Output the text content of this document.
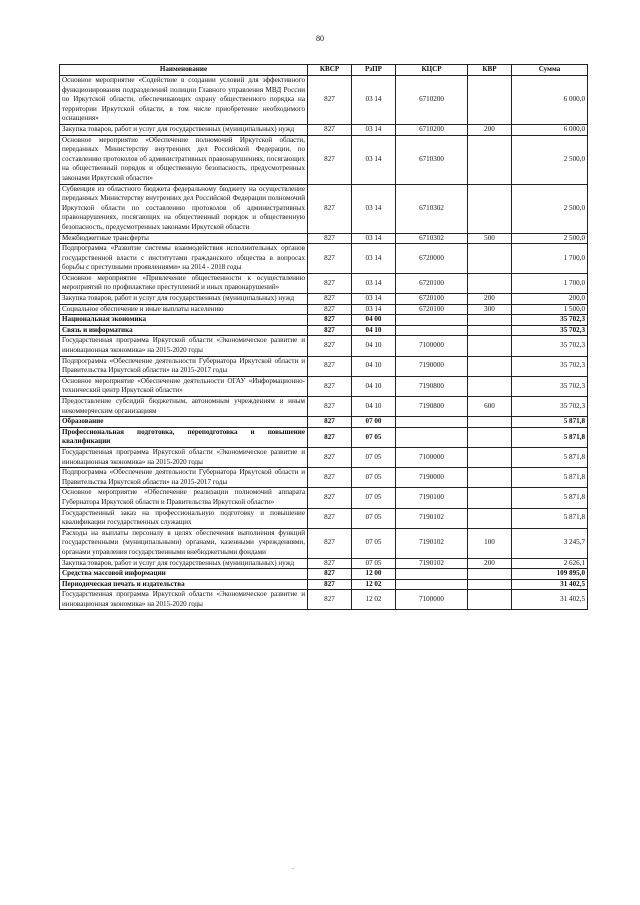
80
Наименование	КВСР	РзПР	КЦСР	КВР	Сумма
Основное мероприятие «Содействие в создании условий для эффективного функционирования подразделений полиции Главного управления МВД России по Иркутской области, обеспечивающих охрану общественного порядка на территории Иркутской области, в том числе приобретение необходимого оснащения»	827	03 14	6710200		6 000,0
Закупка товаров, работ и услуг для государственных (муниципальных) нужд	827	03 14	6710200	200	6 000,0
Основное мероприятие «Обеспечение полномочий Иркутской области, переданных Министерству внутренних дел Российской Федерации, по составлению протоколов об административных правонарушениях, посягающих на общественный порядок и общественную безопасность, предусмотренных законами Иркутской области»	827	03 14	6710300		2 500,0
Субвенция из областного бюджета федеральному бюджету на осуществление переданных Министерству внутренних дел Российской Федерации полномочий Иркутской области по составлению протоколов об административных правонарушениях, посягающих на общественный порядок и общественную безопасность, предусмотренных законами Иркутской области	827	03 14	6710302		2 500,0
Межбюджетные трансферты	827	03 14	6710302	500	2 500,0
Подпрограмма «Развитие системы взаимодействия исполнительных органов государственной власти с институтами гражданского общества в вопросах борьбы с преступными проявлениями» на 2014 - 2018 годы	827	03 14	6720000		1 700,0
Основное мероприятие «Привлечение общественности к осуществлению мероприятий по профилактике преступлений и иных правонарушений»	827	03 14	6720100		1 700,0
Закупка товаров, работ и услуг для государственных (муниципальных) нужд	827	03 14	6720100	200	200,0
Социальное обеспечение и иные выплаты населению	827	03 14	6720100	300	1 500,0
Национальная экономика	827	04 00			35 702,3
Связь и информатика	827	04 10			35 702,3
Государственная программа Иркутской области «Экономическое развитие и инновационная экономика» на 2015-2020 годы	827	04 10	7100000		35 702,3
Подпрограмма «Обеспечение деятельности Губернатора Иркутской области и Правительства Иркутской области» на 2015-2017 годы	827	04 10	7190000		35 702,3
Основное мероприятие «Обеспечение деятельности ОГАУ «Информационно-технический центр Иркутской области»	827	04 10	7190800		35 702,3
Предоставление субсидий бюджетным, автономным учреждениям и иным некоммерческим организациям	827	04 10	7190800	600	35 702,3
Образование	827	07 00			5 871,8
Профессиональная подготовка, переподготовка и повышение квалификации	827	07 05			5 871,8
Государственная программа Иркутской области «Экономическое развитие и инновационная экономика» на 2015-2020 годы	827	07 05	7100000		5 871,8
Подпрограмма «Обеспечение деятельности Губернатора Иркутской области и Правительства Иркутской области» на 2015-2017 годы	827	07 05	7190000		5 871,8
Основное мероприятие «Обеспечение реализации полномочий аппарата Губернатора Иркутской области и Правительства Иркутской области»	827	07 05	7190100		5 871,8
Государственный заказ на профессиональную подготовку и повышение квалификации государственных служащих	827	07 05	7190102		5 871,8
Расходы на выплаты персоналу в целях обеспечения выполнения функций государственными (муниципальными) органами, казенными учреждениями, органами управления государственными внебюджетными фондами	827	07 05	7190102	100	3 245,7
Закупка товаров, работ и услуг для государственных (муниципальных) нужд	827	07 05	7190102	200	2 626,1
Средства массовой информации	827	12 00			109 895,0
Периодическая печать и издательства	827	12 02			31 402,5
Государственная программа Иркутской области «Экономическое развитие и инновационная экономика» на 2015-2020 годы	827	12 02	7100000		31 402,5
.
